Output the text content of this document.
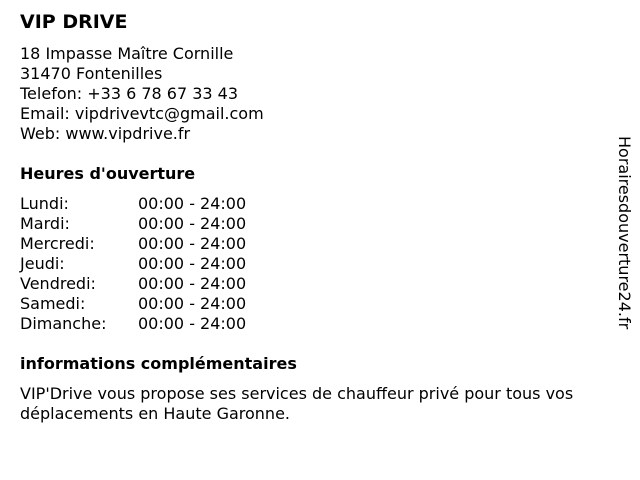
VIP DRIVE
18 Impasse Maître Cornille
31470 Fontenilles
Telefon: +33 6 78 67 33 43
Email: vipdrivevtc@gmail.com
Web: www.vipdrive.fr
Heures d'ouverture
Lundi:	00:00 - 24:00
Mardi:	00:00 - 24:00
Mercredi:	00:00 - 24:00
Jeudi:	00:00 - 24:00
Vendredi:	00:00 - 24:00
Samedi:	00:00 - 24:00
Dimanche: 00:00 - 24:00
informations complémentaires

VIP'Drive vous propose ses services de chauffeur privé pour tous vos déplacements en Haute Garonne.

Horairesdouverture24.fr
